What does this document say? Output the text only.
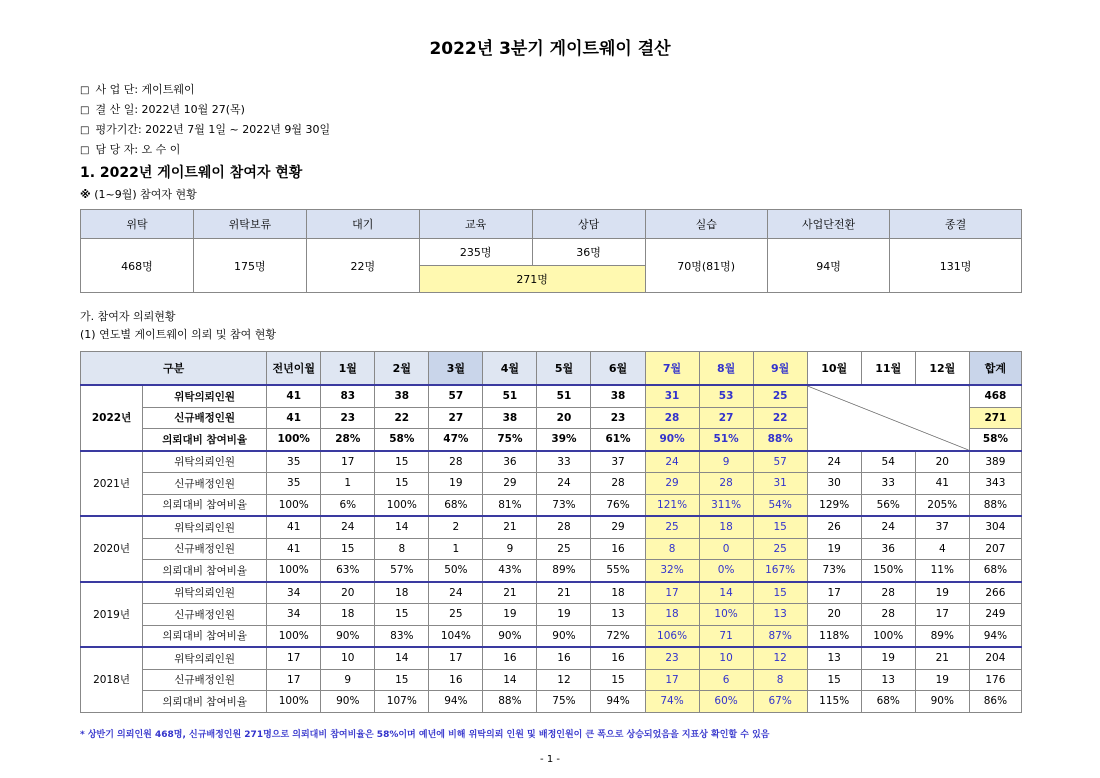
2022년 3분기 게이트웨이 결산
□ 사 업 단: 게이트웨이
□ 결 산 일: 2022년 10월 27(목)
□ 평가기간: 2022년 7월 1일 ~ 2022년 9월 30일
□ 담 당 자: 오 수 이
1. 2022년 게이트웨이 참여자 현황
※ (1~9월) 참여자 현황
위탁	위탁보류	대기	교육	상담	실습	사업단전환	종결
468명	175명	22명	235명	36명	70명(81명)	94명	131명
			271명				
가. 참여자 의뢰현황
(1) 연도별 게이트웨이 의뢰 및 참여 현황
구분		전년이월	1월	2월	3월	4월	5월	6월	7월	8월	9월	10월	11월	12월	합계
2022년	위탁의뢰인원	41	83	38	57	51	51	38	31	53	25				468
	신규배정인원	41	23	22	27	38	20	23	28	27	22				271
	의뢰대비 참여비율	100%	28%	58%	47%	75%	39%	61%	90%	51%	88%				58%
2021년	위탁의뢰인원	35	17	15	28	36	33	37	24	9	57	24	54	20	389
	신규배정인원	35	1	15	19	29	24	28	29	28	31	30	33	41	343
	의뢰대비 참여비율	100%	6%	100%	68%	81%	73%	76%	121%	311%	54%	129%	56%	205%	88%
2020년	위탁의뢰인원	41	24	14	2	21	28	29	25	18	15	26	24	37	304
	신규배정인원	41	15	8	1	9	25	16	8	0	25	19	36	4	207
	의뢰대비 참여비율	100%	63%	57%	50%	43%	89%	55%	32%	0%	167%	73%	150%	11%	68%
2019년	위탁의뢰인원	34	20	18	24	21	21	18	17	14	15	17	28	19	266
	신규배정인원	34	18	15	25	19	19	13	18	10%	13	20	28	17	249
	의뢰대비 참여비율	100%	90%	83%	104%	90%	90%	72%	106%	71	87%	118%	100%	89%	94%
2018년	위탁의뢰인원	17	10	14	17	16	16	16	23	10	12	13	19	21	204
	신규배정인원	17	9	15	16	14	12	15	17	6	8	15	13	19	176
	의뢰대비 참여비율	100%	90%	107%	94%	88%	75%	94%	74%	60%	67%	115%	68%	90%	86%
* 상반기 의뢰인원 468명, 신규배정인원 271명으로 의뢰대비 참여비율은 58%이며 예년에 비해 위탁의뢰 인원 및 배정인원이 큰 폭으로 상승되었음을 지표상 확인할 수 있음
- 1 -
